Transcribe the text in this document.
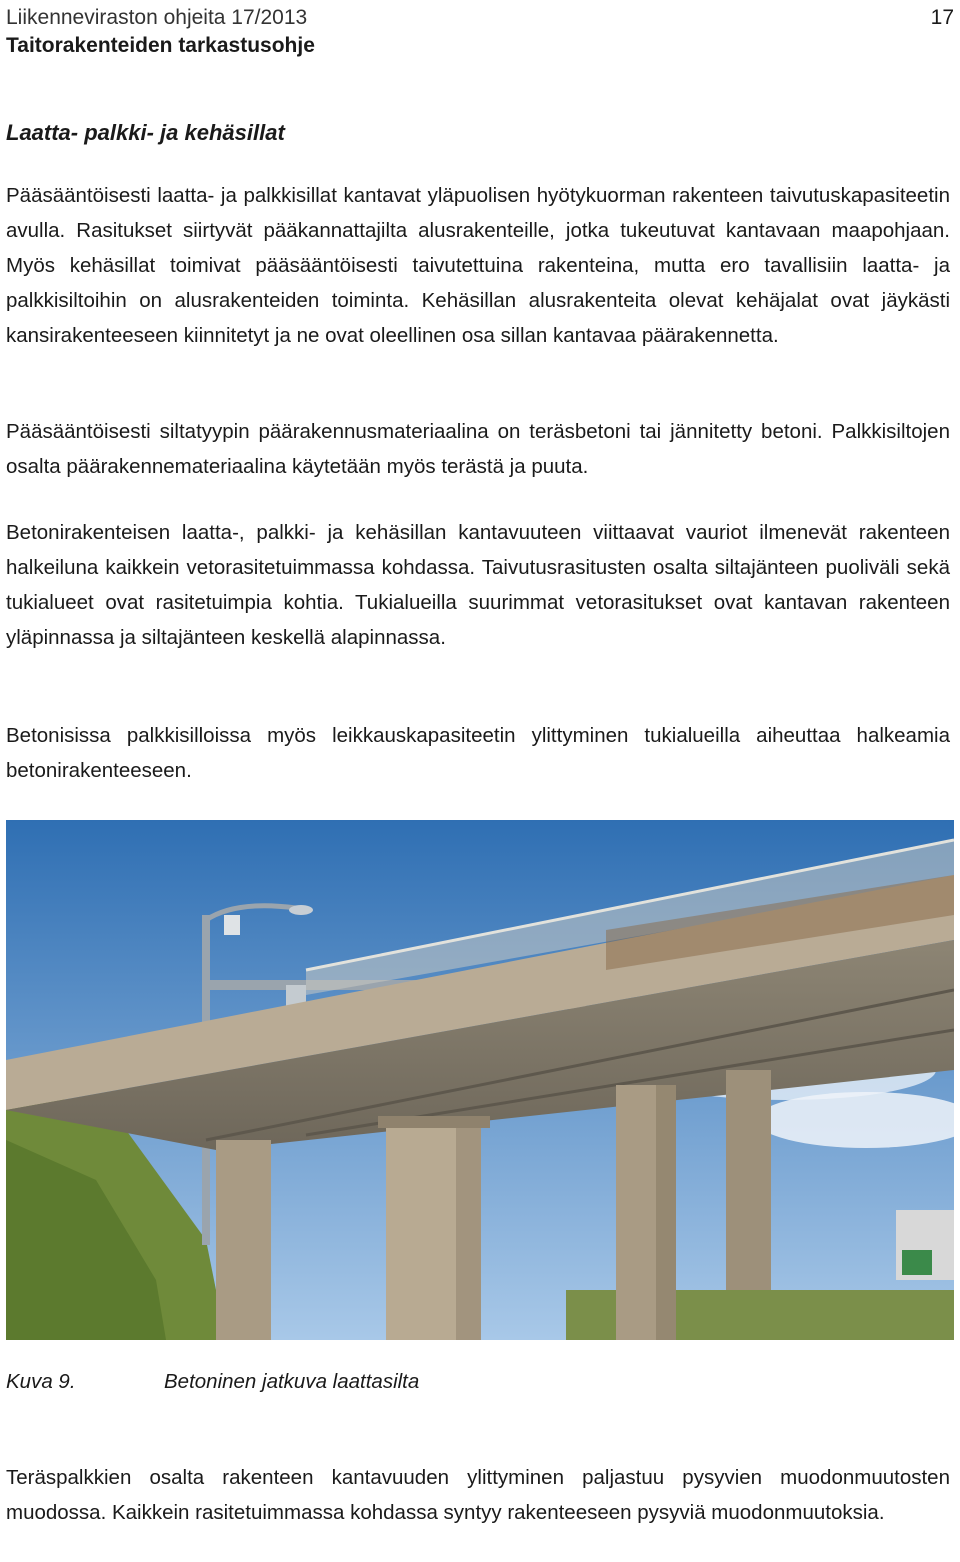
Liikenneviraston ohjeita 17/2013
Taitorakenteiden tarkastusohje
17
Laatta- palkki- ja kehäsillat

Pääsääntöisesti laatta- ja palkkisillat kantavat yläpuolisen hyötykuorman rakenteen taivutuskapasiteetin avulla. Rasitukset siirtyvät pääkannattajilta alusrakenteille, jotka tukeutuvat kantavaan maapohjaan. Myös kehäsillat toimivat pääsääntöisesti taivutettuina rakenteina, mutta ero tavallisiin laatta- ja palkkisiltoihin on alusrakenteiden toiminta. Kehäsillan alusrakenteita olevat kehäjalat ovat jäykästi kansirakenteeseen kiinnitetyt ja ne ovat oleellinen osa sillan kantavaa päärakennetta.

Pääsääntöisesti siltatyypin päärakennusmateriaalina on teräsbetoni tai jännitetty betoni. Palkkisiltojen osalta päärakennemateriaalina käytetään myös terästä ja puuta.

Betonirakenteisen laatta-, palkki- ja kehäsillan kantavuuteen viittaavat vauriot ilmenevät rakenteen halkeiluna kaikkein vetorasitetuimmassa kohdassa. Taivutusrasitusten osalta siltajänteen puoliväli sekä tukialueet ovat rasitetuimpia kohtia. Tukialueilla suurimmat vetorasitukset ovat kantavan rakenteen yläpinnassa ja siltajänteen keskellä alapinnassa.

Betonisissa palkkisilloissa myös leikkauskapasiteetin ylittyminen tukialueilla aiheuttaa halkeamia betonirakenteeseen.

Kuva 9.	Betoninen jatkuva laattasilta

Teräspalkkien osalta rakenteen kantavuuden ylittyminen paljastuu pysyvien muodonmuutosten muodossa. Kaikkein rasitetuimmassa kohdassa syntyy rakenteeseen pysyviä muodonmuutoksia.
